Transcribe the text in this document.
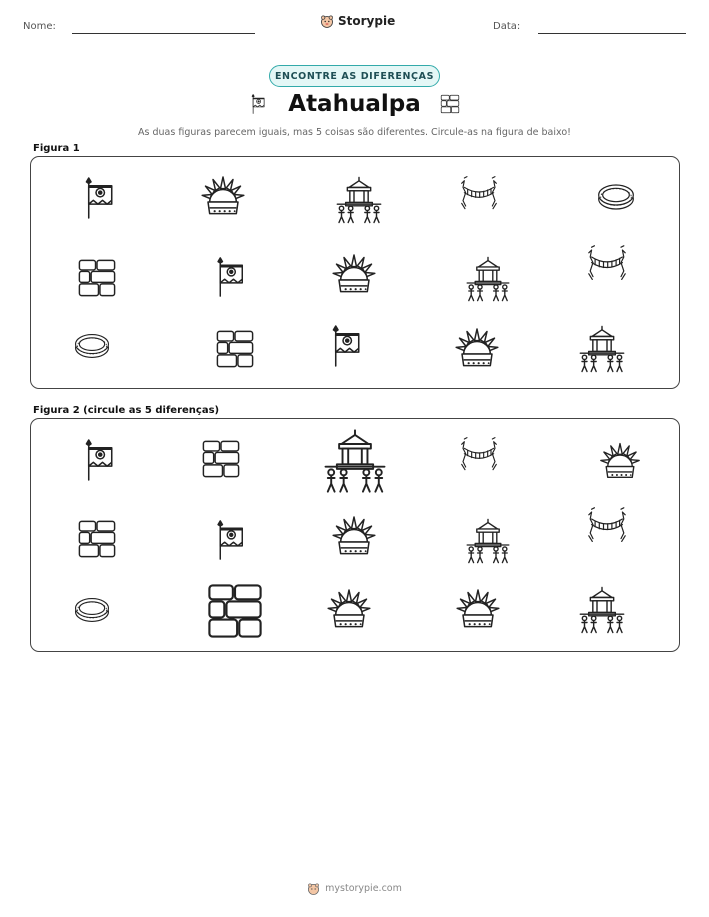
Nome:	Storypie	Data:
ENCONTRE AS DIFERENÇAS
Atahualpa
As duas figuras parecem iguais, mas 5 coisas são diferentes. Circule-as na figura de baixo!
Figura 1
Figura 2 (circule as 5 diferenças)
mystorypie.com
